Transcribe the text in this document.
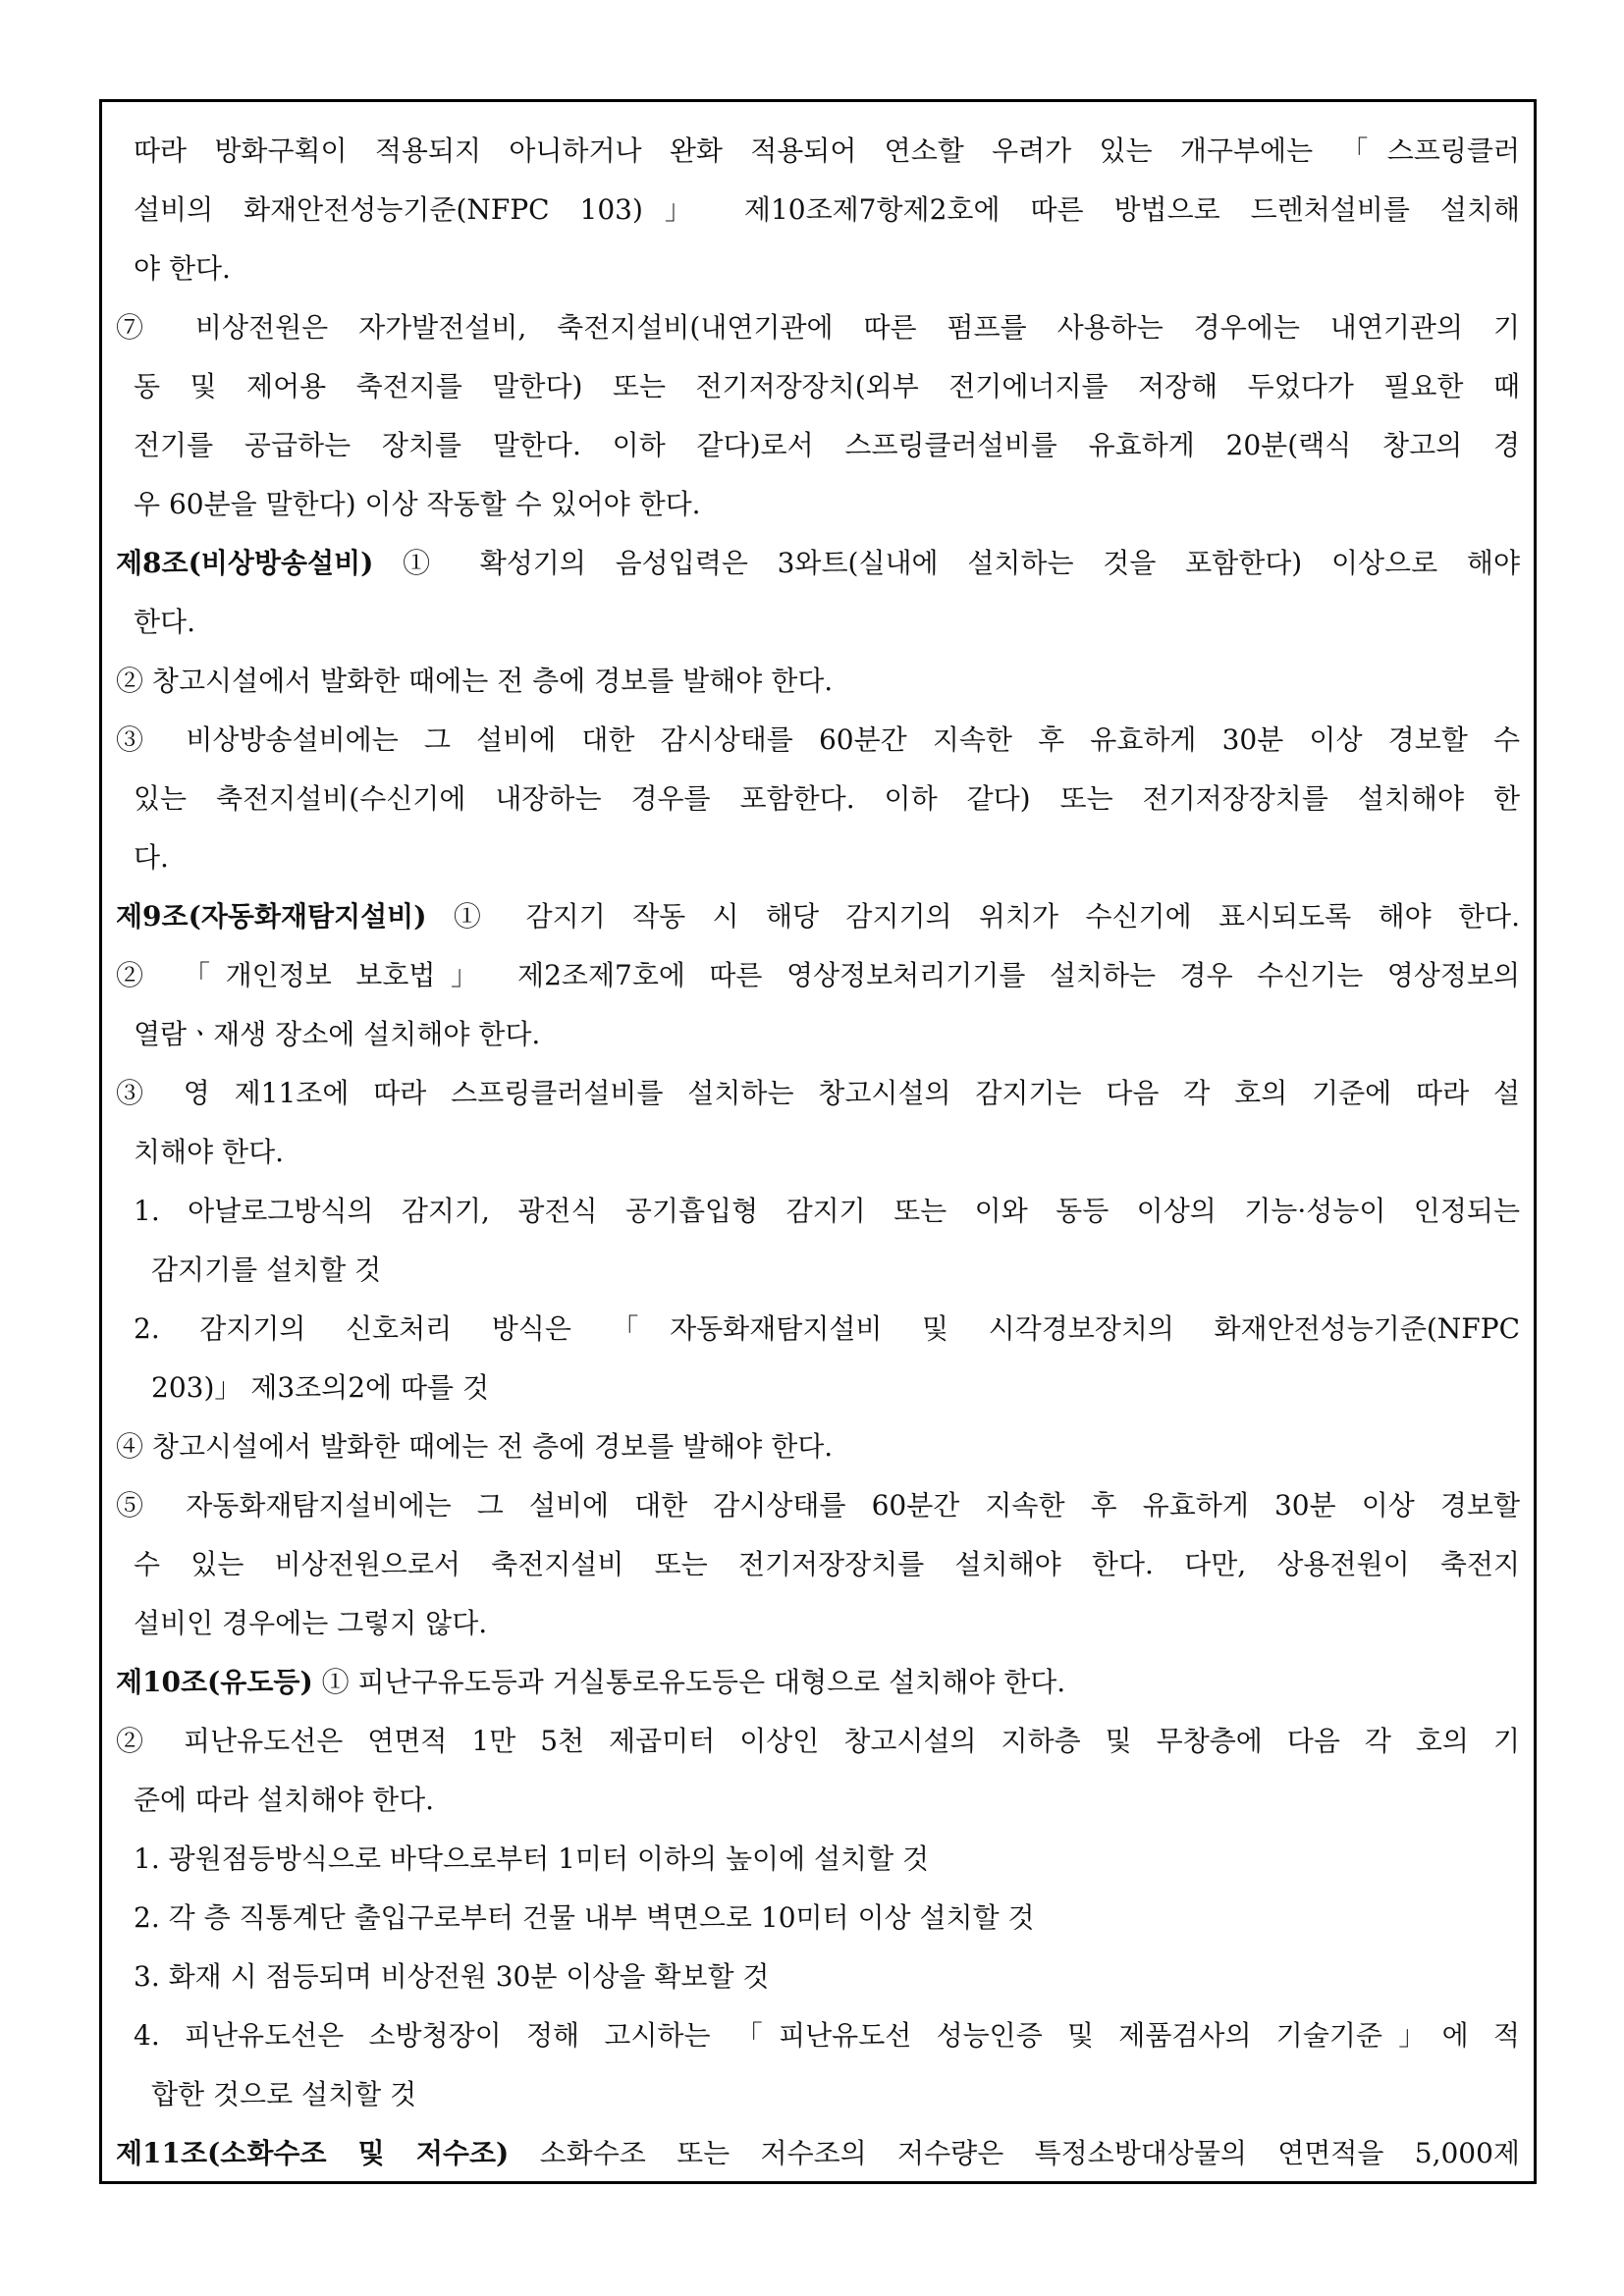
따라 방화구획이 적용되지 아니하거나 완화 적용되어 연소할 우려가 있는 개구부에는 「스프링클러
설비의 화재안전성능기준(NFPC 103)」 제10조제7항제2호에 따른 방법으로 드렌처설비를 설치해
야 한다.
⑦ 비상전원은 자가발전설비, 축전지설비(내연기관에 따른 펌프를 사용하는 경우에는 내연기관의 기
동 및 제어용 축전지를 말한다) 또는 전기저장장치(외부 전기에너지를 저장해 두었다가 필요한 때
전기를 공급하는 장치를 말한다. 이하 같다)로서 스프링클러설비를 유효하게 20분(랙식 창고의 경
우 60분을 말한다) 이상 작동할 수 있어야 한다.
제8조(비상방송설비) ① 확성기의 음성입력은 3와트(실내에 설치하는 것을 포함한다) 이상으로 해야
한다.
② 창고시설에서 발화한 때에는 전 층에 경보를 발해야 한다.
③ 비상방송설비에는 그 설비에 대한 감시상태를 60분간 지속한 후 유효하게 30분 이상 경보할 수
있는 축전지설비(수신기에 내장하는 경우를 포함한다. 이하 같다) 또는 전기저장장치를 설치해야 한
다.
제9조(자동화재탐지설비) ① 감지기 작동 시 해당 감지기의 위치가 수신기에 표시되도록 해야 한다.
② 「개인정보 보호법」 제2조제7호에 따른 영상정보처리기기를 설치하는 경우 수신기는 영상정보의
열람ㆍ재생 장소에 설치해야 한다.
③ 영 제11조에 따라 스프링클러설비를 설치하는 창고시설의 감지기는 다음 각 호의 기준에 따라 설
치해야 한다.
1. 아날로그방식의 감지기, 광전식 공기흡입형 감지기 또는 이와 동등 이상의 기능·성능이 인정되는
감지기를 설치할 것
2. 감지기의 신호처리 방식은 「자동화재탐지설비 및 시각경보장치의 화재안전성능기준(NFPC
203)」 제3조의2에 따를 것
④ 창고시설에서 발화한 때에는 전 층에 경보를 발해야 한다.
⑤ 자동화재탐지설비에는 그 설비에 대한 감시상태를 60분간 지속한 후 유효하게 30분 이상 경보할
수 있는 비상전원으로서 축전지설비 또는 전기저장장치를 설치해야 한다. 다만, 상용전원이 축전지
설비인 경우에는 그렇지 않다.
제10조(유도등) ① 피난구유도등과 거실통로유도등은 대형으로 설치해야 한다.
② 피난유도선은 연면적 1만 5천 제곱미터 이상인 창고시설의 지하층 및 무창층에 다음 각 호의 기
준에 따라 설치해야 한다.
1. 광원점등방식으로 바닥으로부터 1미터 이하의 높이에 설치할 것
2. 각 층 직통계단 출입구로부터 건물 내부 벽면으로 10미터 이상 설치할 것
3. 화재 시 점등되며 비상전원 30분 이상을 확보할 것
4. 피난유도선은 소방청장이 정해 고시하는 「피난유도선 성능인증 및 제품검사의 기술기준」에 적
합한 것으로 설치할 것
제11조(소화수조 및 저수조) 소화수조 또는 저수조의 저수량은 특정소방대상물의 연면적을 5,000제
